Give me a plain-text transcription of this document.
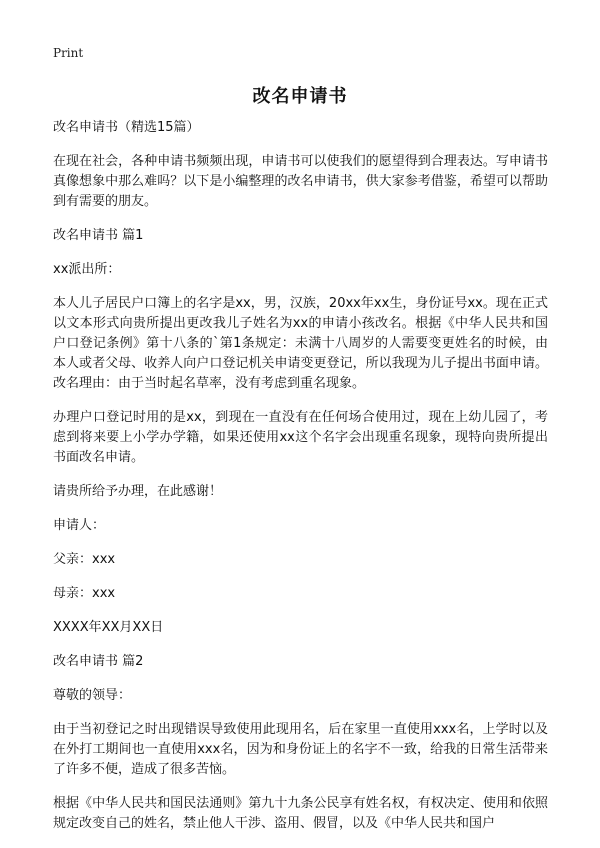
Print
改名申请书

改名申请书（精选15篇）

在现在社会，各种申请书频频出现，申请书可以使我们的愿望得到合理表达。写申请书真像想象中那么难吗？以下是小编整理的改名申请书，供大家参考借鉴，希望可以帮助到有需要的朋友。

改名申请书 篇1

xx派出所：

本人儿子居民户口簿上的名字是xx，男，汉族，20xx年xx生，身份证号xx。现在正式以文本形式向贵所提出更改我儿子姓名为xx的申请小孩改名。根据《中华人民共和国户口登记条例》第十八条的`第1条规定：未满十八周岁的人需要变更姓名的时候，由本人或者父母、收养人向户口登记机关申请变更登记，所以我现为儿子提出书面申请。改名理由：由于当时起名草率，没有考虑到重名现象。

办理户口登记时用的是xx，到现在一直没有在任何场合使用过，现在上幼儿园了，考虑到将来要上小学办学籍，如果还使用xx这个名字会出现重名现象，现特向贵所提出书面改名申请。

请贵所给予办理，在此感谢！

申请人：

父亲：xxx

母亲：xxx

XXXX年XX月XX日

改名申请书 篇2

尊敬的领导：

由于当初登记之时出现错误导致使用此现用名，后在家里一直使用xxx名，上学时以及在外打工期间也一直使用xxx名，因为和身份证上的名字不一致，给我的日常生活带来了许多不便，造成了很多苦恼。

根据《中华人民共和国民法通则》第九十九条公民享有姓名权，有权决定、使用和依照规定改变自己的姓名，禁止他人干涉、盗用、假冒，以及《中华人民共和国户
